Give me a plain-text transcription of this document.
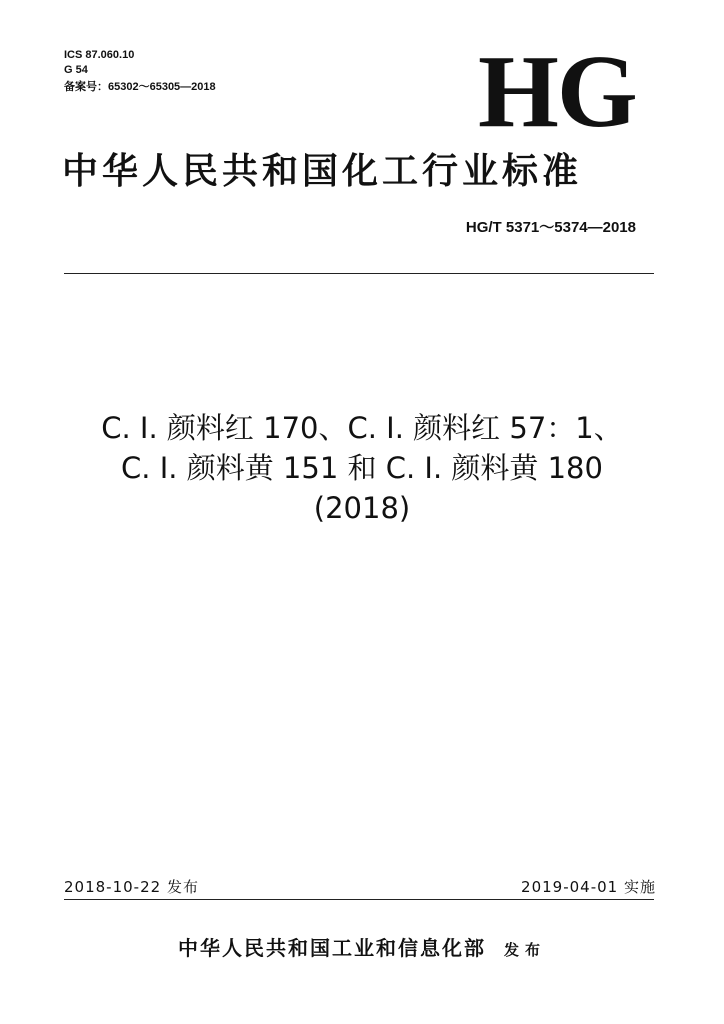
ICS 87.060.10
G 54
备案号：65302～65305—2018	HG
中华人民共和国化工行业标准
HG/T 5371～5374—2018
C. I. 颜料红 170、C. I. 颜料红 57：1、
C. I. 颜料黄 151 和 C. I. 颜料黄 180
(2018)
2018-10-22 发布	2019-04-01 实施
中华人民共和国工业和信息化部 发布
